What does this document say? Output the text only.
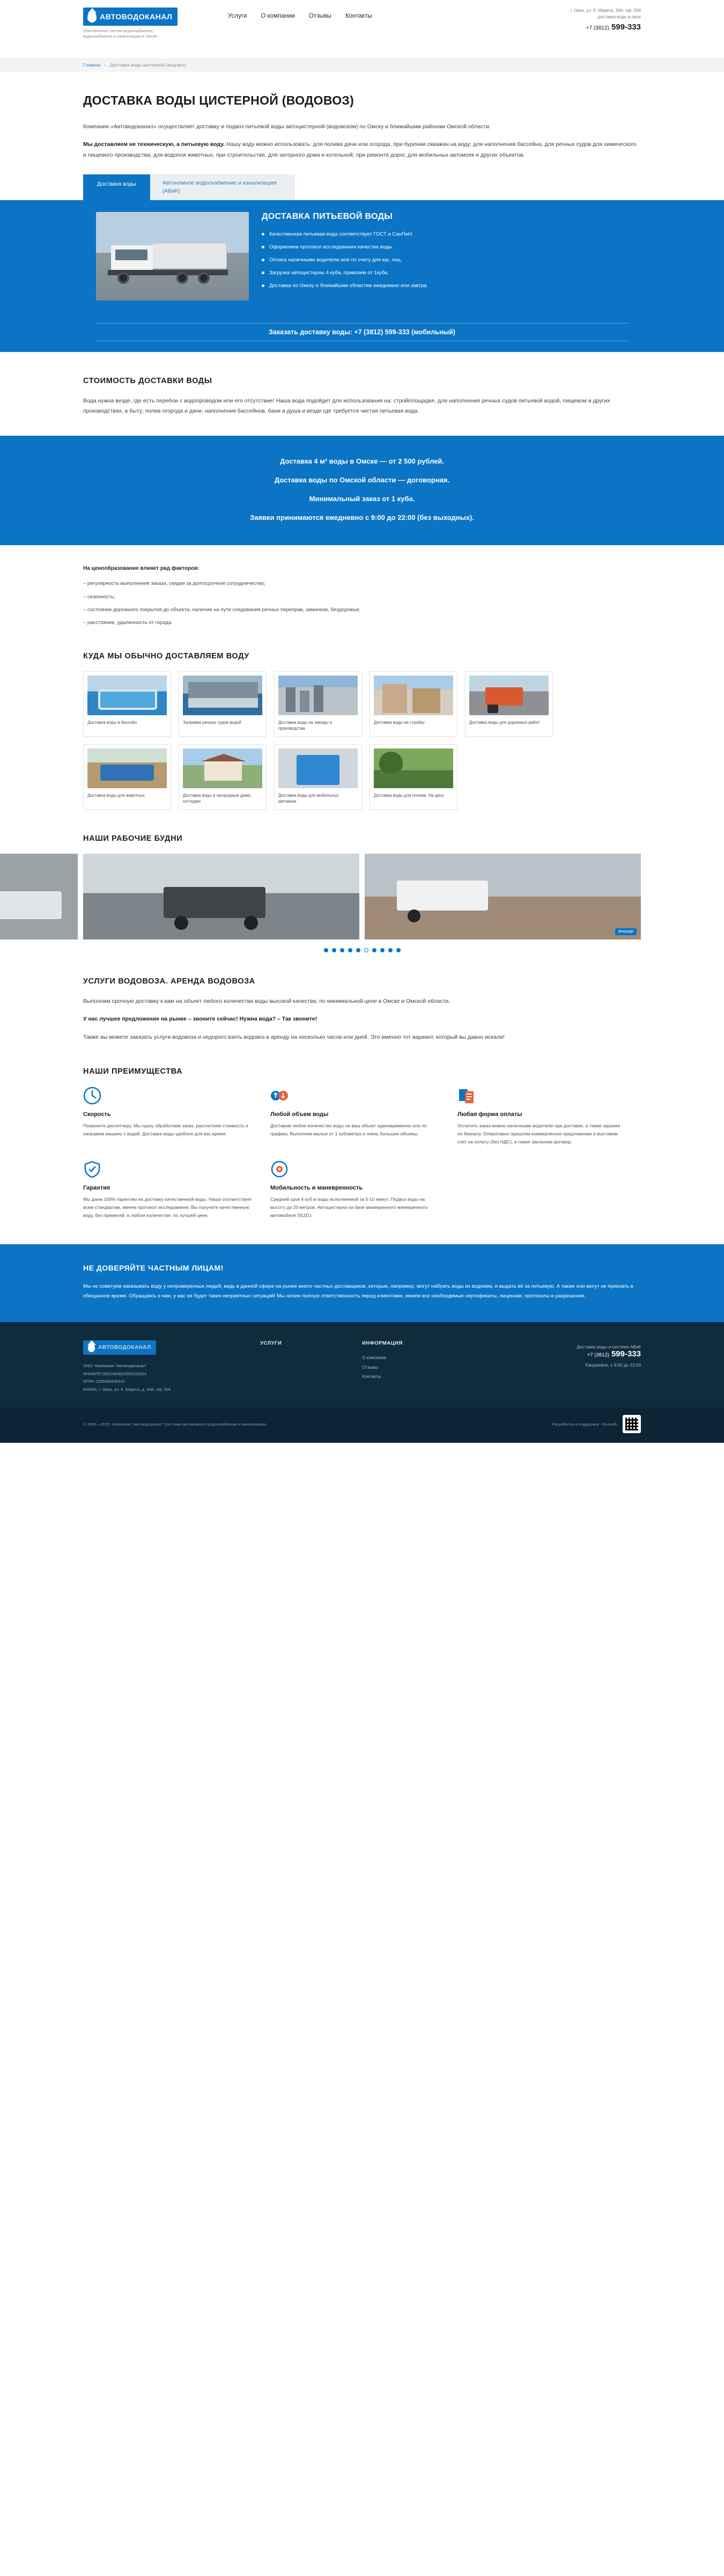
АВТОВОДОКАНАЛ
Обеспечение систем водоснабжения, водоснабжения и канализации в Омске
Услуги О компании Отзывы Контакты
г. Омск, ул. К. Маркса, 34А, оф. 504
доставка воды в омск
+7 (3812) 599-333
Главная › Доставка воды цистерной (водовоз)
ДОСТАВКА ВОДЫ ЦИСТЕРНОЙ (ВОДОВОЗ)

Компания «Автоводоканал» осуществляет доставку и подвоз питьевой воды автоцистерной (водовозом) по Омску и ближайшим районам Омской области.

Мы доставляем не техническую, а питьевую воду. Нашу воду можно использовать: для полива дачи или огорода, при бурении скважин на воду; для наполнения бассейна, для речных судов для химического и пищевого производства, для водопоя животных, при строительстве, для заторного дома и котельной, при ремонте дорог, для мобильных автомоек и других объектов.

Доставка воды	Автономное водоснабжение и канализация (АВиК)
ДОСТАВКА ПИТЬЕВОЙ ВОДЫ
Качественная питьевая вода соответствует ГОСТ и СанПиН.
Оформляем протокол исследования качества воды.
Оплата наличными водителю или по счету для юр. лиц.
Загрузка автоцистерны 4 куба, привозим от 1куба.
Доставка по Омску и ближайшим областям ежедневно или завтра.
Заказать доставку воды: +7 (3812) 599-333 (мобильный)
СТОИМОСТЬ ДОСТАВКИ ВОДЫ

Вода нужна везде, где есть перебои с водопроводом или его отсутствие! Наша вода подойдет для использования на: стройплощадке, для наполнения речных судов питьевой водой, пищевом и других производствах, в быту; полив огорода и дачи, наполнения бассейнов, бани и душа и везде где требуется чистая питьевая вода.

Доставка 4 м³ воды в Омске — от 2 500 рублей.
Доставка воды по Омской области — договорная.
Минимальный заказ от 1 куба.
Заявки принимаются ежедневно с 9:00 до 22:00 (без выходных).
На ценообразование влияет ряд факторов:
– регулярность выполнения заказа, скидки за долгосрочное сотрудничество;
– сезонность;
– состояние дорожного покрытия до объекта, наличие на пути следования речных переправ, заминков, бездорожья;
– расстояние, удаленность от города.
КУДА МЫ ОБЫЧНО ДОСТАВЛЯЕМ ВОДУ
Доставка воды в бассейн	Заправка речных судов водой	Доставка воды на заводы и производства
Доставка воды на стройку	Доставка воды для дорожных работ
Доставка воды для животных	Доставка воды в загородные дома, коттеджи
Доставка воды для мобильных автомоек
Доставка воды для полива. На дачу
НАШИ РАБОЧИЕ БУДНИ
Впереди
УСЛУГИ ВОДОВОЗА. АРЕНДА ВОДОВОЗА

Выполним срочную доставку к вам на объект любого количества воды высокой качества, по минимальной цене в Омске и Омской области.

У нас лучшее предложение на рынке – звоните сейчас! Нужна вода? – Так звоните!

Также вы можете заказать услуги водовоза и недорого взять водовоз в аренду на несколько часов или дней. Это именно тот вариант, который вы давно искали!

НАШИ ПРЕИМУЩЕСТВА
Скорость
Позвоните диспетчеру. Мы сразу обработаем заказ, рассчитаем стоимость и направим машину с водой. Доставка воды удобное для вас время.
Любой объем воды
Доставим любое количество воды на ваш объект единовременно или по графику. Выполним малые от 1 кубометра и очень большие объемы.
Любая форма оплаты
Оплатить заказ можно наличными водителю при доставке, а также заранее по безналу. Оперативно пришлем коммерческое предложение и выставим счет на оплату (без НДС), а также заключим договор.
Гарантия
Мы даем 100% гарантию на доставку качественной воды. Наша соответствует всем стандартам, имеем протокол исследования. Вы получите качественную воду, без примесей, в любом количестве, по лучшей цене.
Мобильность и маневренность
Средний срок 4 куб м воды исполняемой за 5-10 минут. Подвоз воды на высоту до 20 метров. Автоцистерна на базе маневренного маневренного автомобиля ISUZU.
НЕ ДОВЕРЯЙТЕ ЧАСТНЫМ ЛИЦАМ!

Мы не советуем заказывать воду у непроверенных людей, ведь в данной сфере на рынке много частных доставщиков, которые, например, могут набрать воды из водоема, и выдать её за питьевую. А также они могут не приехать в обещанное время. Обращаясь к нам, у вас не будет таких неприятных ситуаций! Мы несем полную ответственность перед клиентами, имеем все необходимые сертификаты, лицензии, протоколы и разрешения.

АВТОВОДОКАНАЛ
ООО "Компания "Автоводоканал"
ИНН/КПП 5501084802/550101001
ОГРН 1205500230322
644042, г. Омск, ул. К. Маркса, д. 34А, оф. 504
УСЛУГИ	ИНФОРМАЦИЯ
О компании
Отзывы
Контакты
Доставка воды и система АВиК
+7 (3812) 599-333
Ежедневно, с 9:00 до 22:00
© 2008—2025. Компания "Автоводоканал" Системы автономного водоснабжения и канализации.	Разработка и поддержка - Rusweb
